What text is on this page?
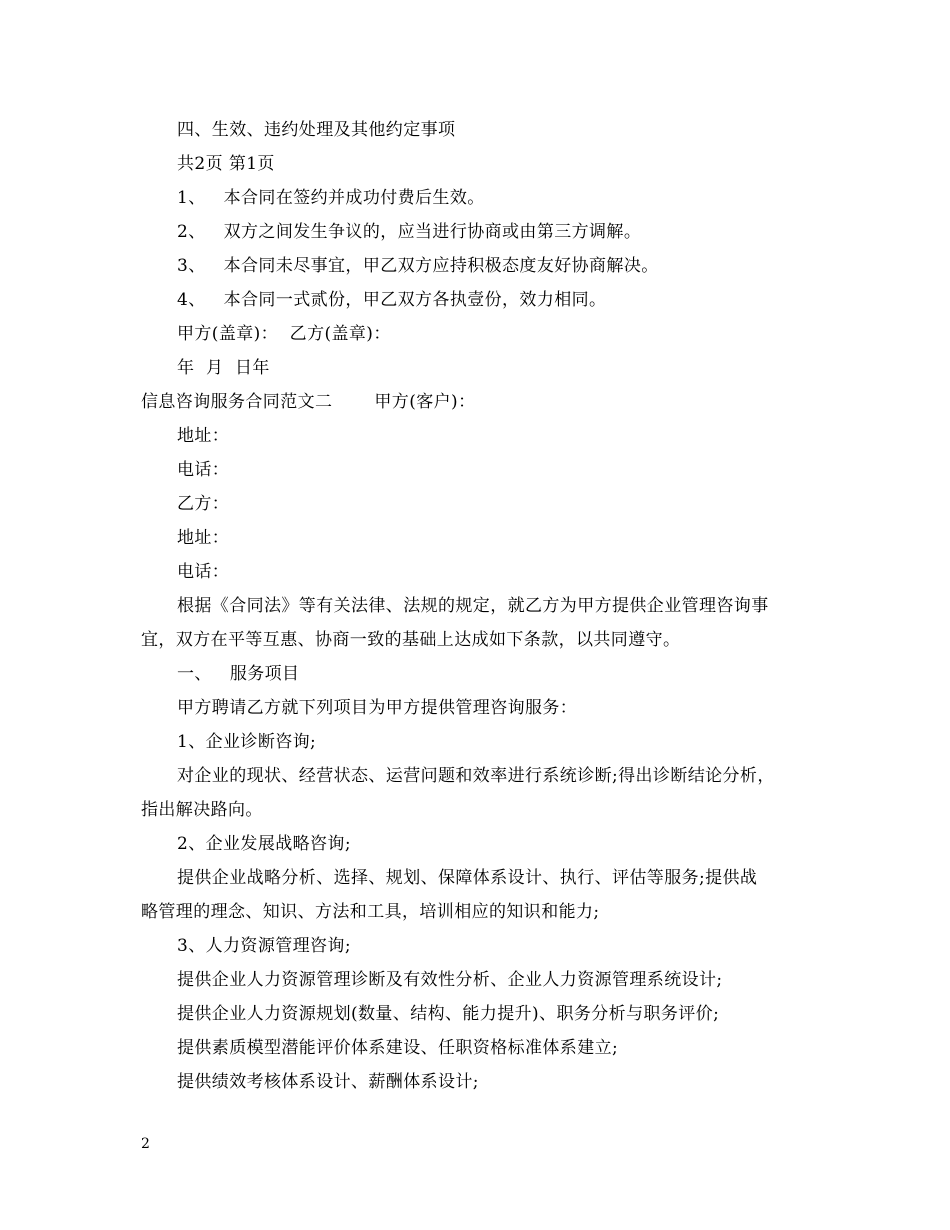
四、生效、违约处理及其他约定事项
共2页 第1页
1、 本合同在签约并成功付费后生效。
2、 双方之间发生争议的，应当进行协商或由第三方调解。
3、 本合同未尽事宜，甲乙双方应持积极态度友好协商解决。
4、 本合同一式贰份，甲乙双方各执壹份，效力相同。
甲方(盖章)：  乙方(盖章)：
年  月  日年
信息咨询服务合同范文二 甲方(客户)：
地址：
电话：
乙方：
地址：
电话：
根据《合同法》等有关法律、法规的规定，就乙方为甲方提供企业管理咨询事
宜，双方在平等互惠、协商一致的基础上达成如下条款，以共同遵守。
一、 服务项目
甲方聘请乙方就下列项目为甲方提供管理咨询服务：
1、企业诊断咨询;
对企业的现状、经营状态、运营问题和效率进行系统诊断;得出诊断结论分析，
指出解决路向。
2、企业发展战略咨询;
提供企业战略分析、选择、规划、保障体系设计、执行、评估等服务;提供战
略管理的理念、知识、方法和工具，培训相应的知识和能力;
3、人力资源管理咨询;
提供企业人力资源管理诊断及有效性分析、企业人力资源管理系统设计;
提供企业人力资源规划(数量、结构、能力提升)、职务分析与职务评价;
提供素质模型潜能评价体系建设、任职资格标准体系建立;
提供绩效考核体系设计、薪酬体系设计;
2
